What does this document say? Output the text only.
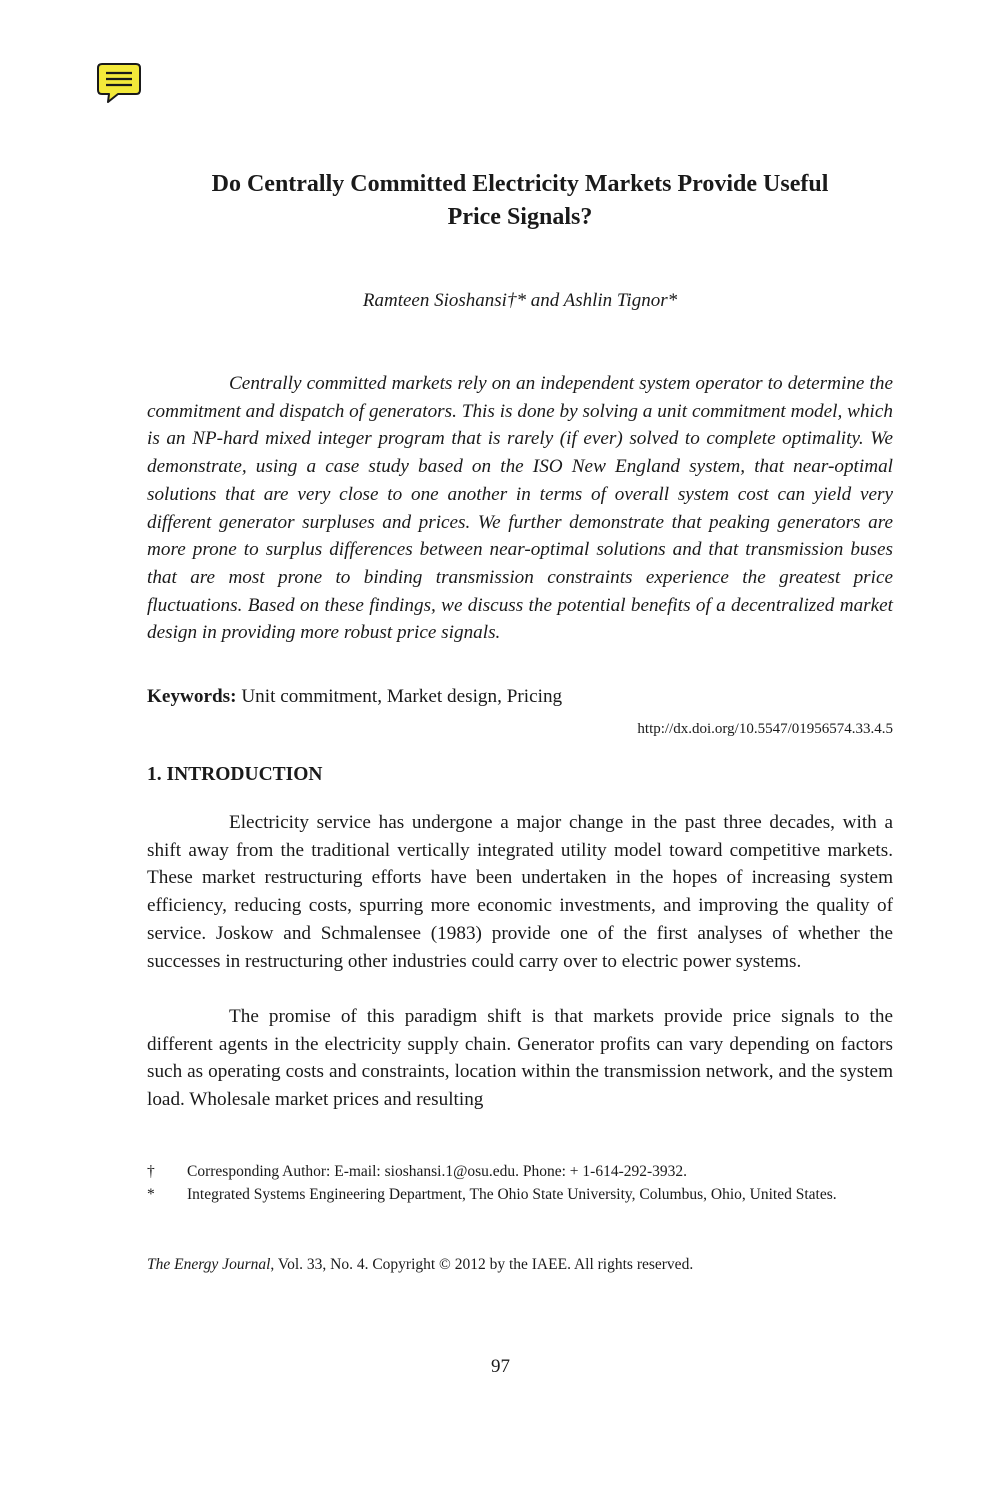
Do Centrally Committed Electricity Markets Provide Useful
Price Signals?
Ramteen Sioshansi†* and Ashlin Tignor*

Centrally committed markets rely on an independent system operator to determine the commitment and dispatch of generators. This is done by solving a unit commitment model, which is an NP-hard mixed integer program that is rarely (if ever) solved to complete optimality. We demonstrate, using a case study based on the ISO New England system, that near-optimal solutions that are very close to one another in terms of overall system cost can yield very different generator surpluses and prices. We further demonstrate that peaking generators are more prone to surplus differences between near-optimal solutions and that transmission buses that are most prone to binding transmission constraints experience the greatest price fluctuations. Based on these findings, we discuss the potential benefits of a decentralized market design in providing more robust price signals.

Keywords: Unit commitment, Market design, Pricing
http://dx.doi.org/10.5547/01956574.33.4.5
1. INTRODUCTION

Electricity service has undergone a major change in the past three decades, with a shift away from the traditional vertically integrated utility model toward competitive markets. These market restructuring efforts have been undertaken in the hopes of increasing system efficiency, reducing costs, spurring more economic investments, and improving the quality of service. Joskow and Schmalensee (1983) provide one of the first analyses of whether the successes in restructuring other industries could carry over to electric power systems.

The promise of this paradigm shift is that markets provide price signals to the different agents in the electricity supply chain. Generator profits can vary depending on factors such as operating costs and constraints, location within the transmission network, and the system load. Wholesale market prices and resulting

†	Corresponding Author: E-mail: sioshansi.1@osu.edu. Phone: + 1-614-292-3932.
*	Integrated Systems Engineering Department, The Ohio State University, Columbus, Ohio, United States.
The Energy Journal, Vol. 33, No. 4. Copyright © 2012 by the IAEE. All rights reserved.
97
